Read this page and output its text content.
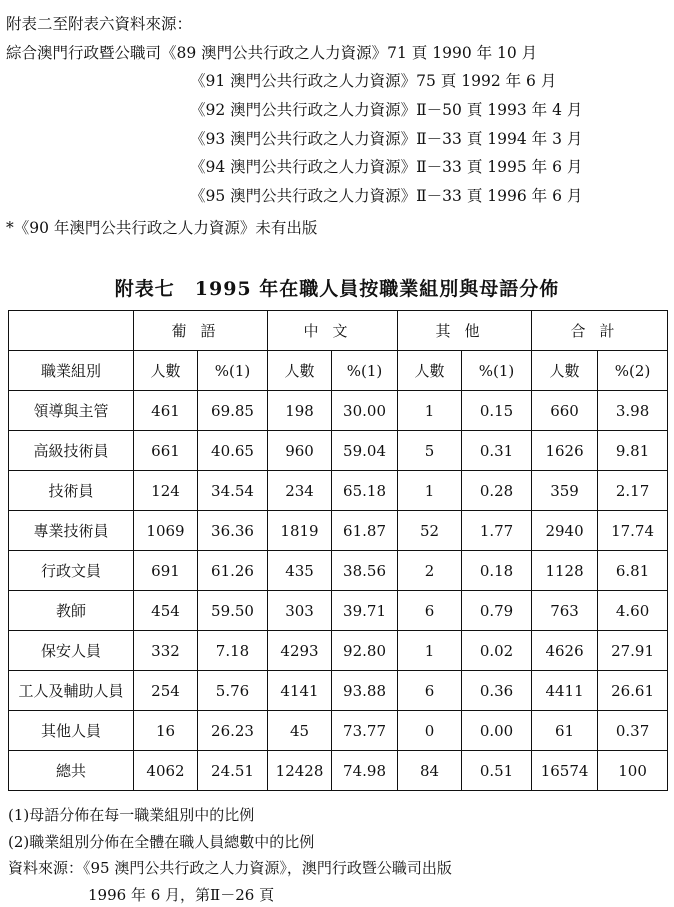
附表二至附表六資料來源：
綜合澳門行政暨公職司《89 澳門公共行政之人力資源》71 頁 1990 年 10 月
《91 澳門公共行政之人力資源》75 頁 1992 年 6 月
《92 澳門公共行政之人力資源》Ⅱ－50 頁 1993 年 4 月
《93 澳門公共行政之人力資源》Ⅱ－33 頁 1994 年 3 月
《94 澳門公共行政之人力資源》Ⅱ－33 頁 1995 年 6 月
《95 澳門公共行政之人力資源》Ⅱ－33 頁 1996 年 6 月
*《90 年澳門公共行政之人力資源》未有出版
附表七　1995 年在職人員按職業組別與母語分佈
	葡語		中文		其他		合計	
職業組別	人數	%(1)	人數	%(1)	人數	%(1)	人數	%(2)
領導與主管	461	69.85	198	30.00	1	0.15	660	3.98
高級技術員	661	40.65	960	59.04	5	0.31	1626	9.81
技術員	124	34.54	234	65.18	1	0.28	359	2.17
專業技術員	1069	36.36	1819	61.87	52	1.77	2940	17.74
行政文員	691	61.26	435	38.56	2	0.18	1128	6.81
教師	454	59.50	303	39.71	6	0.79	763	4.60
保安人員	332	7.18	4293	92.80	1	0.02	4626	27.91
工人及輔助人員	254	5.76	4141	93.88	6	0.36	4411	26.61
其他人員	16	26.23	45	73.77	0	0.00	61	0.37
總共	4062	24.51	12428	74.98	84	0.51	16574	100
(1)母語分佈在每一職業組別中的比例
(2)職業組別分佈在全體在職人員總數中的比例
資料來源：《95 澳門公共行政之人力資源》，澳門行政暨公職司出版
1996 年 6 月，第Ⅱ－26 頁
